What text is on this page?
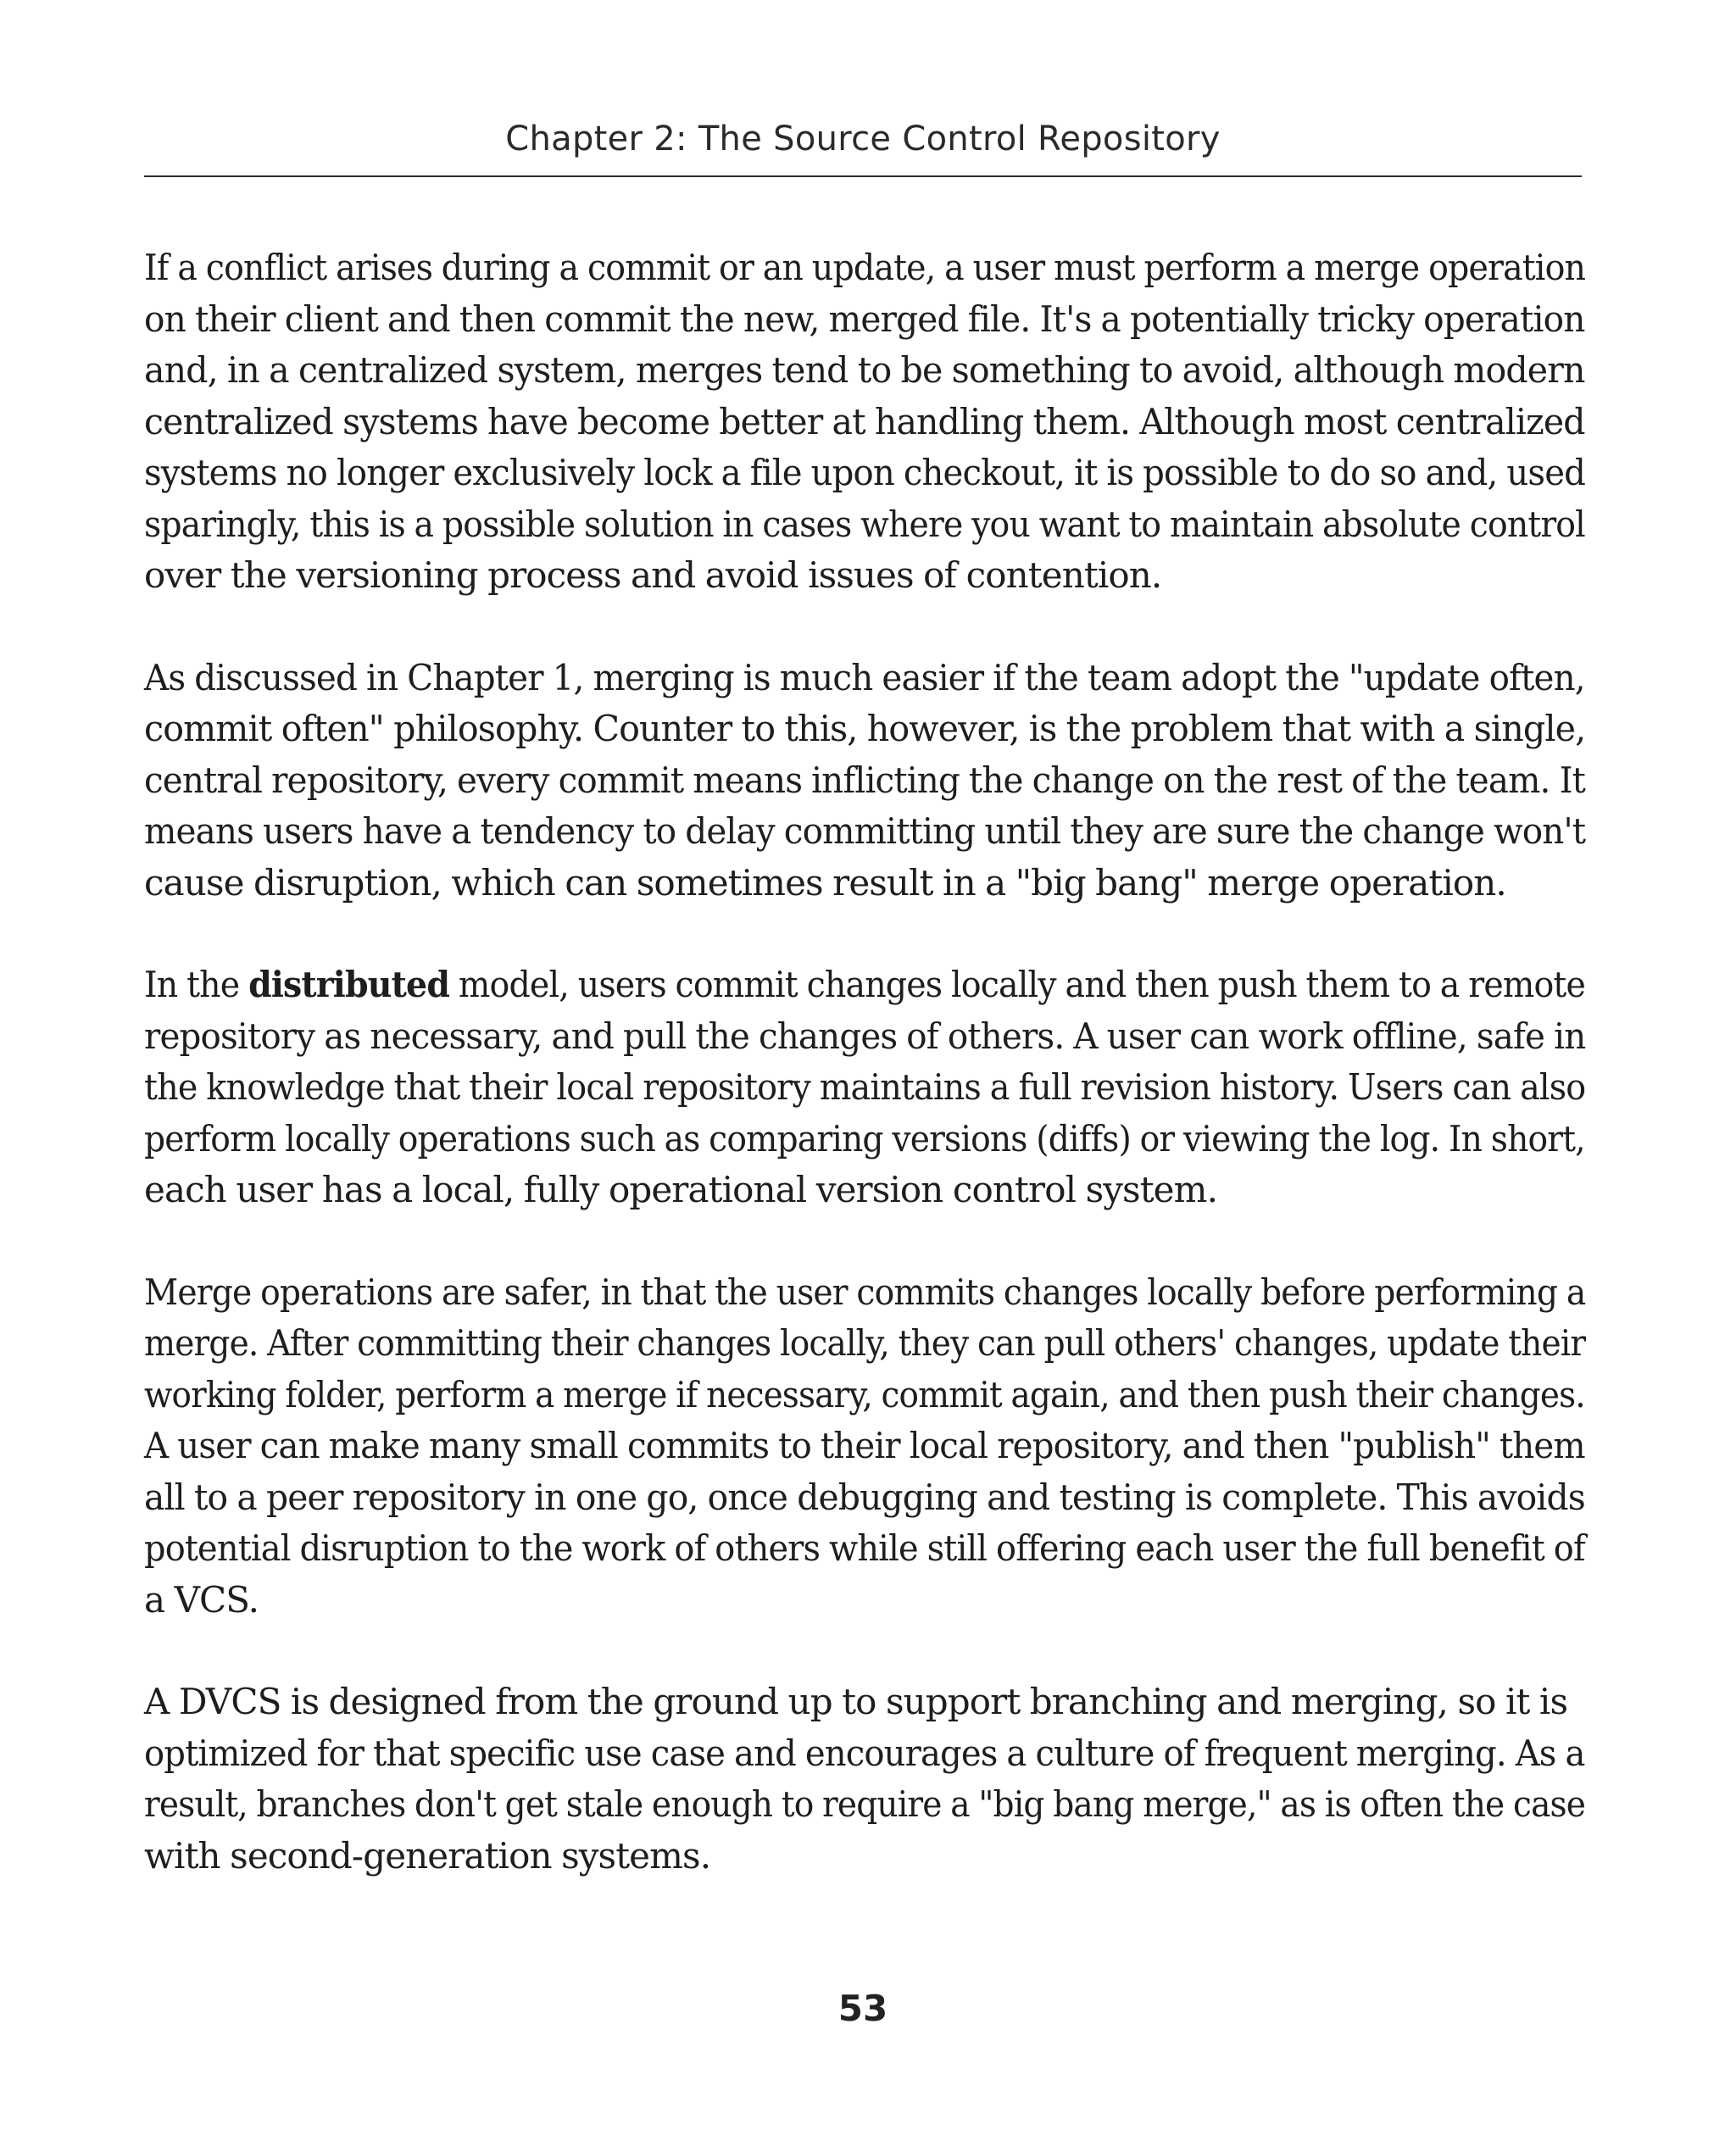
Chapter 2: The Source Control Repository

If a conflict arises during a commit or an update, a user must perform a merge operation
on their client and then commit the new, merged file. It's a potentially tricky operation
and, in a centralized system, merges tend to be something to avoid, although modern
centralized systems have become better at handling them. Although most centralized
systems no longer exclusively lock a file upon checkout, it is possible to do so and, used
sparingly, this is a possible solution in cases where you want to maintain absolute control
over the versioning process and avoid issues of contention.

As discussed in Chapter 1, merging is much easier if the team adopt the "update often,
commit often" philosophy. Counter to this, however, is the problem that with a single,
central repository, every commit means inflicting the change on the rest of the team. It
means users have a tendency to delay committing until they are sure the change won't
cause disruption, which can sometimes result in a "big bang" merge operation.

In the distributed model, users commit changes locally and then push them to a remote
repository as necessary, and pull the changes of others. A user can work offline, safe in
the knowledge that their local repository maintains a full revision history. Users can also
perform locally operations such as comparing versions (diffs) or viewing the log. In short,
each user has a local, fully operational version control system.

Merge operations are safer, in that the user commits changes locally before performing a
merge. After committing their changes locally, they can pull others' changes, update their
working folder, perform a merge if necessary, commit again, and then push their changes.
A user can make many small commits to their local repository, and then "publish" them
all to a peer repository in one go, once debugging and testing is complete. This avoids
potential disruption to the work of others while still offering each user the full benefit of
a VCS.

A DVCS is designed from the ground up to support branching and merging, so it is
optimized for that specific use case and encourages a culture of frequent merging. As a
result, branches don't get stale enough to require a "big bang merge," as is often the case
with second-generation systems.

53
